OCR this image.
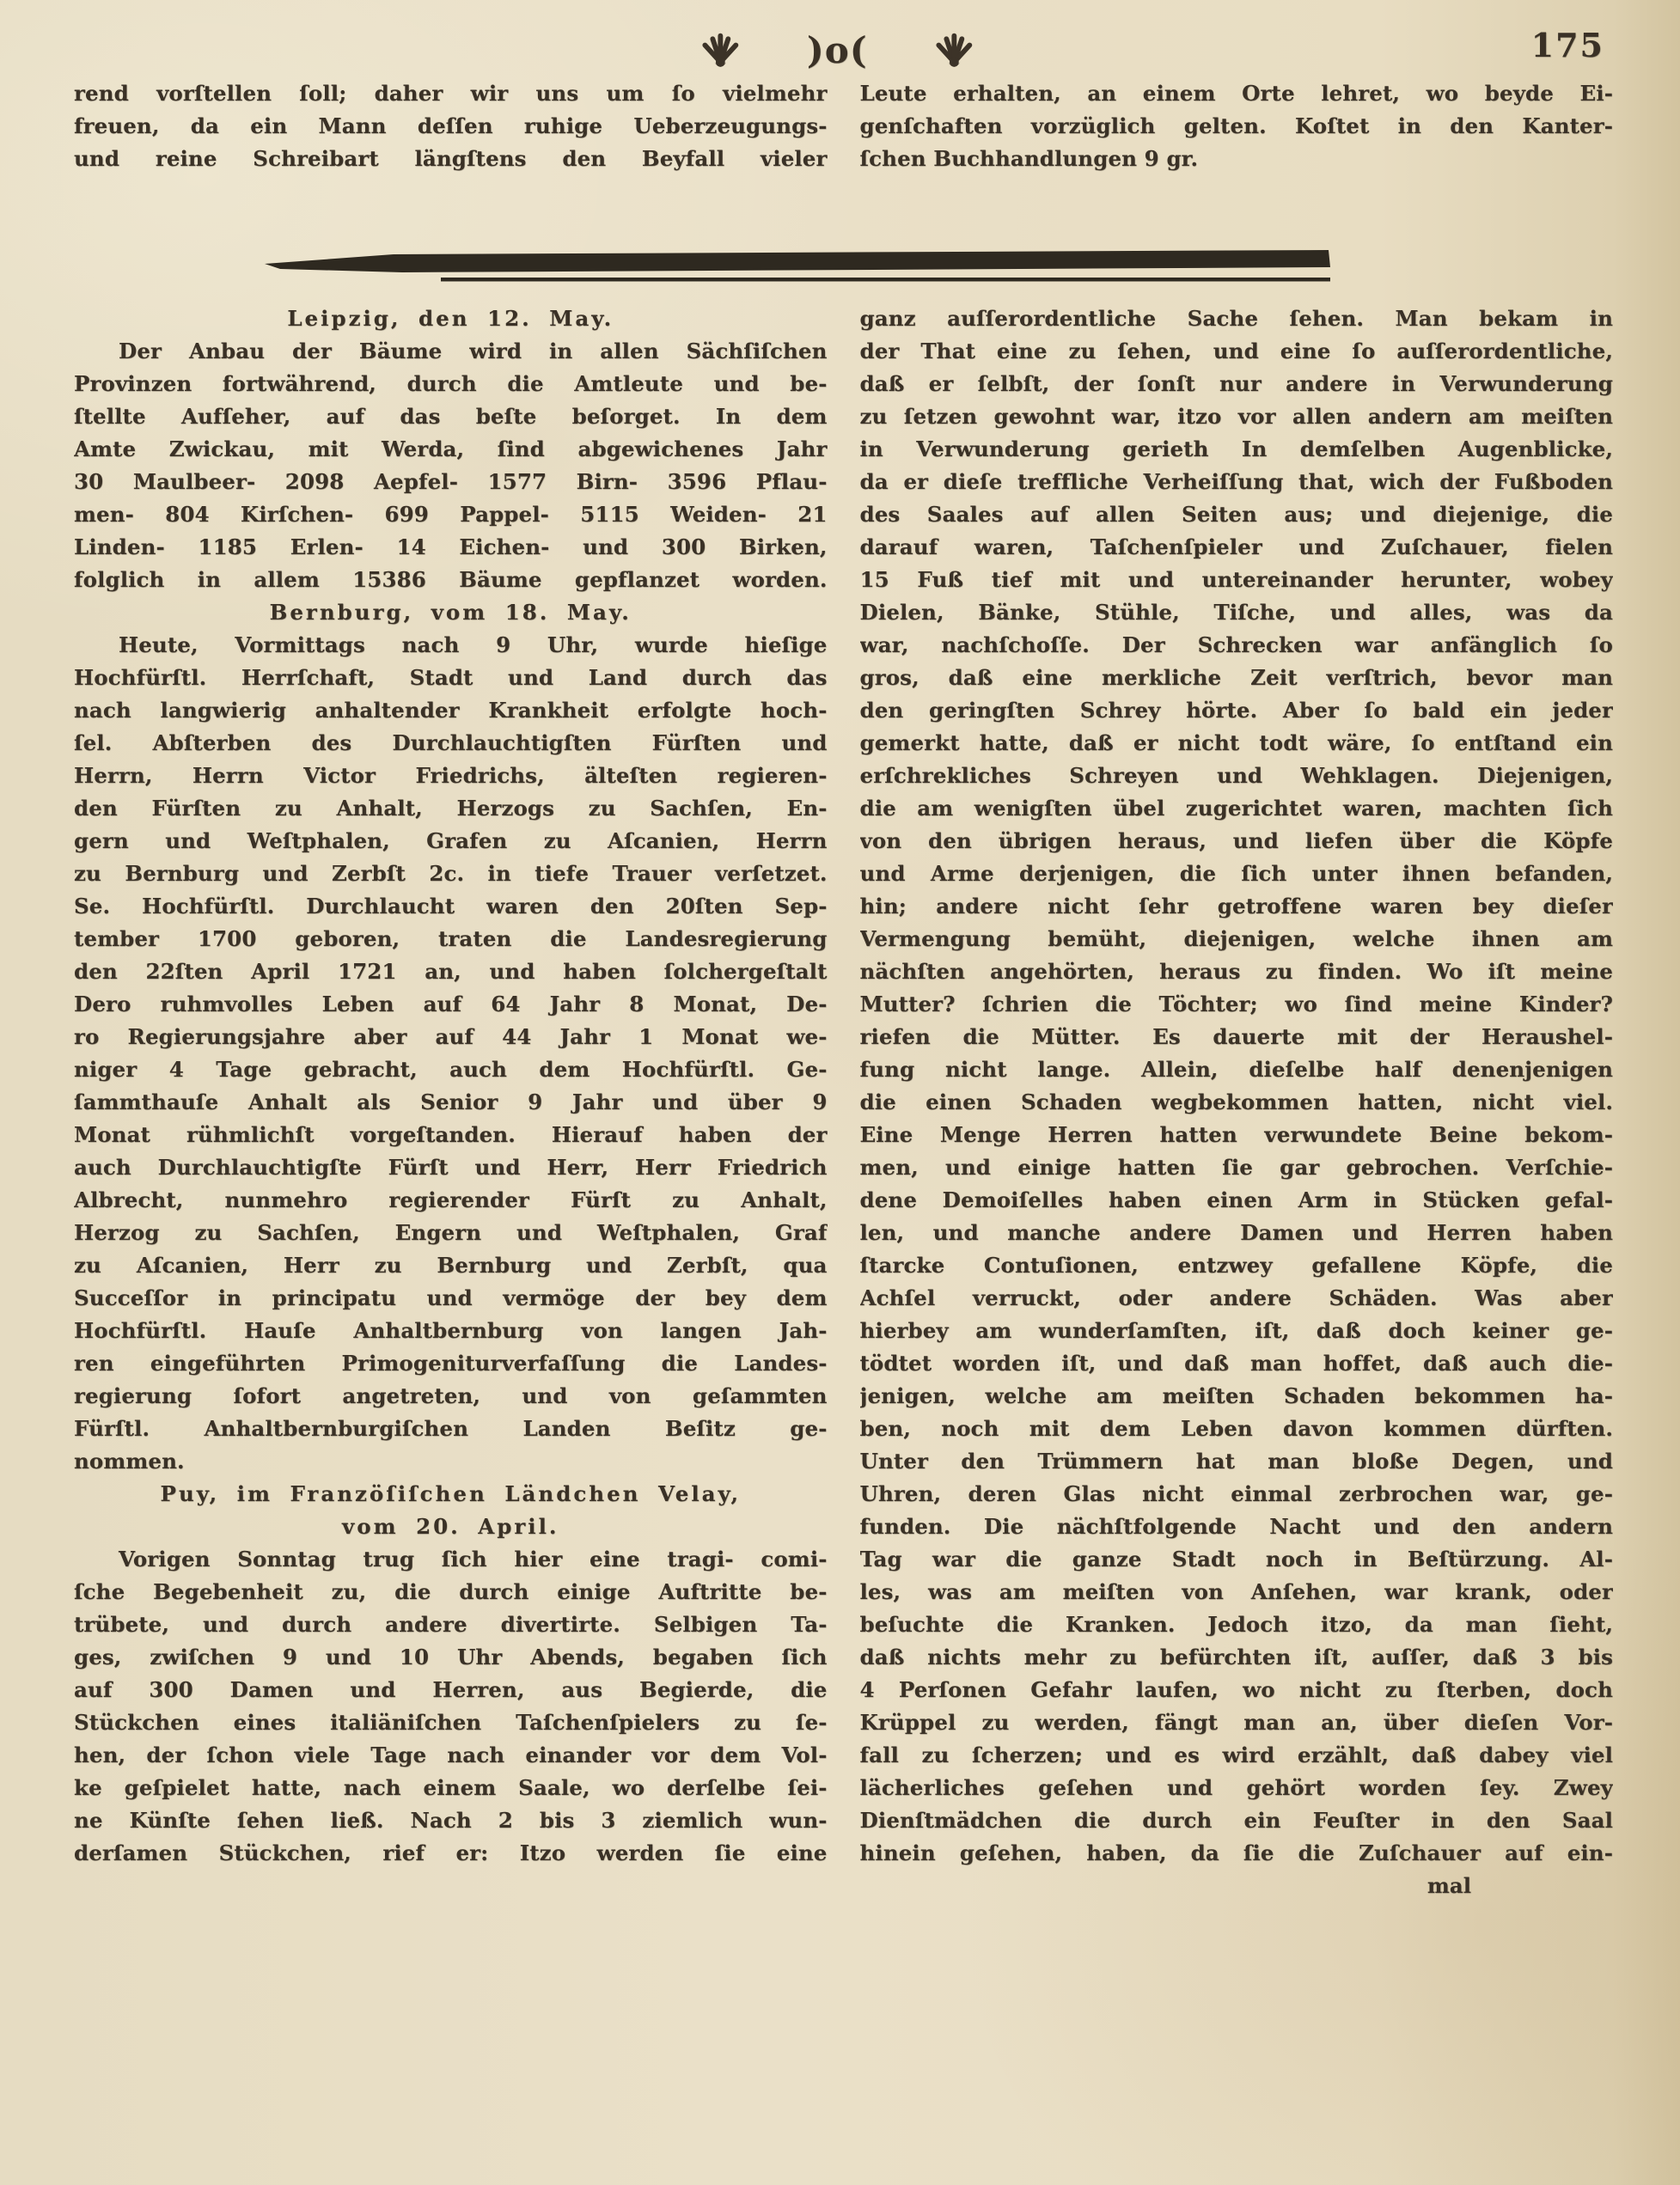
)o(	175
rend vorſtellen ſoll; daher wir uns um ſo vielmehr
freuen, da ein Mann deſſen ruhige Ueberzeugungs-
und reine Schreibart längſtens den Beyfall vieler
Leute erhalten, an einem Orte lehret, wo beyde Ei-
genſchaften vorzüglich gelten. Koſtet in den Kanter-
ſchen Buchhandlungen 9 gr.
Leipzig, den 12. May.
Der Anbau der Bäume wird in allen Sächſiſchen
Provinzen fortwährend, durch die Amtleute und be-
ſtellte Aufſeher, auf das beſte beſorget. In dem
Amte Zwickau, mit Werda, ſind abgewichenes Jahr
30 Maulbeer- 2098 Aepfel- 1577 Birn- 3596 Pflau-
men- 804 Kirſchen- 699 Pappel- 5115 Weiden- 21
Linden- 1185 Erlen- 14 Eichen- und 300 Birken,
folglich in allem 15386 Bäume gepflanzet worden.
Bernburg, vom 18. May.
Heute, Vormittags nach 9 Uhr, wurde hieſige
Hochfürſtl. Herrſchaft, Stadt und Land durch das
nach langwierig anhaltender Krankheit erfolgte hoch-
ſel. Abſterben des Durchlauchtigſten Fürſten und
Herrn, Herrn Victor Friedrichs, älteſten regieren-
den Fürſten zu Anhalt, Herzogs zu Sachſen, En-
gern und Weſtphalen, Grafen zu Aſcanien, Herrn
zu Bernburg und Zerbſt 2c. in tiefe Trauer verſetzet.
Se. Hochfürſtl. Durchlaucht waren den 20ſten Sep-
tember 1700 geboren, traten die Landesregierung
den 22ſten April 1721 an, und haben ſolchergeſtalt
Dero ruhmvolles Leben auf 64 Jahr 8 Monat, De-
ro Regierungsjahre aber auf 44 Jahr 1 Monat we-
niger 4 Tage gebracht, auch dem Hochfürſtl. Ge-
ſammthauſe Anhalt als Senior 9 Jahr und über 9
Monat rühmlichſt vorgeſtanden. Hierauf haben der
auch Durchlauchtigſte Fürſt und Herr, Herr Friedrich
Albrecht, nunmehro regierender Fürſt zu Anhalt,
Herzog zu Sachſen, Engern und Weſtphalen, Graf
zu Aſcanien, Herr zu Bernburg und Zerbſt, qua
Succeſſor in principatu und vermöge der bey dem
Hochfürſtl. Hauſe Anhaltbernburg von langen Jah-
ren eingeführten Primogeniturverfaſſung die Landes-
regierung ſofort angetreten, und von geſammten
Fürſtl. Anhaltbernburgiſchen Landen Beſitz ge-
nommen.
Puy, im Franzöſiſchen Ländchen Velay,
vom 20. April.
Vorigen Sonntag trug ſich hier eine tragi- comi-
ſche Begebenheit zu, die durch einige Auftritte be-
trübete, und durch andere divertirte. Selbigen Ta-
ges, zwiſchen 9 und 10 Uhr Abends, begaben ſich
auf 300 Damen und Herren, aus Begierde, die
Stückchen eines italiäniſchen Taſchenſpielers zu ſe-
hen, der ſchon viele Tage nach einander vor dem Vol-
ke geſpielet hatte, nach einem Saale, wo derſelbe ſei-
ne Künſte ſehen ließ. Nach 2 bis 3 ziemlich wun-
derſamen Stückchen, rief er: Itzo werden ſie eine
ganz auſſerordentliche Sache ſehen. Man bekam in
der That eine zu ſehen, und eine ſo auſſerordentliche,
daß er ſelbſt, der ſonſt nur andere in Verwunderung
zu ſetzen gewohnt war, itzo vor allen andern am meiſten
in Verwunderung gerieth In demſelben Augenblicke,
da er dieſe treffliche Verheiſſung that, wich der Fußboden
des Saales auf allen Seiten aus; und diejenige, die
darauf waren, Taſchenſpieler und Zuſchauer, fielen
15 Fuß tief mit und untereinander herunter, wobey
Dielen, Bänke, Stühle, Tiſche, und alles, was da
war, nachſchoſſe. Der Schrecken war anfänglich ſo
gros, daß eine merkliche Zeit verſtrich, bevor man
den geringſten Schrey hörte. Aber ſo bald ein jeder
gemerkt hatte, daß er nicht todt wäre, ſo entſtand ein
erſchrekliches Schreyen und Wehklagen. Diejenigen,
die am wenigſten übel zugerichtet waren, machten ſich
von den übrigen heraus, und liefen über die Köpfe
und Arme derjenigen, die ſich unter ihnen befanden,
hin; andere nicht ſehr getroffene waren bey dieſer
Vermengung bemüht, diejenigen, welche ihnen am
nächſten angehörten, heraus zu finden. Wo iſt meine
Mutter? ſchrien die Töchter; wo ſind meine Kinder?
riefen die Mütter. Es dauerte mit der Heraushel-
fung nicht lange. Allein, dieſelbe half denenjenigen
die einen Schaden wegbekommen hatten, nicht viel.
Eine Menge Herren hatten verwundete Beine bekom-
men, und einige hatten ſie gar gebrochen. Verſchie-
dene Demoiſelles haben einen Arm in Stücken gefal-
len, und manche andere Damen und Herren haben
ſtarcke Contuſionen, entzwey gefallene Köpfe, die
Achſel verruckt, oder andere Schäden. Was aber
hierbey am wunderſamſten, iſt, daß doch keiner ge-
tödtet worden iſt, und daß man hoffet, daß auch die-
jenigen, welche am meiſten Schaden bekommen ha-
ben, noch mit dem Leben davon kommen dürften.
Unter den Trümmern hat man bloße Degen, und
Uhren, deren Glas nicht einmal zerbrochen war, ge-
funden. Die nächſtfolgende Nacht und den andern
Tag war die ganze Stadt noch in Beſtürzung. Al-
les, was am meiſten von Anſehen, war krank, oder
beſuchte die Kranken. Jedoch itzo, da man ſieht,
daß nichts mehr zu befürchten iſt, auſſer, daß 3 bis
4 Perſonen Gefahr laufen, wo nicht zu ſterben, doch
Krüppel zu werden, fängt man an, über dieſen Vor-
fall zu ſcherzen; und es wird erzählt, daß dabey viel
lächerliches geſehen und gehört worden ſey. Zwey
Dienſtmädchen die durch ein Feuſter in den Saal
hinein geſehen, haben, da ſie die Zuſchauer auf ein-
mal
